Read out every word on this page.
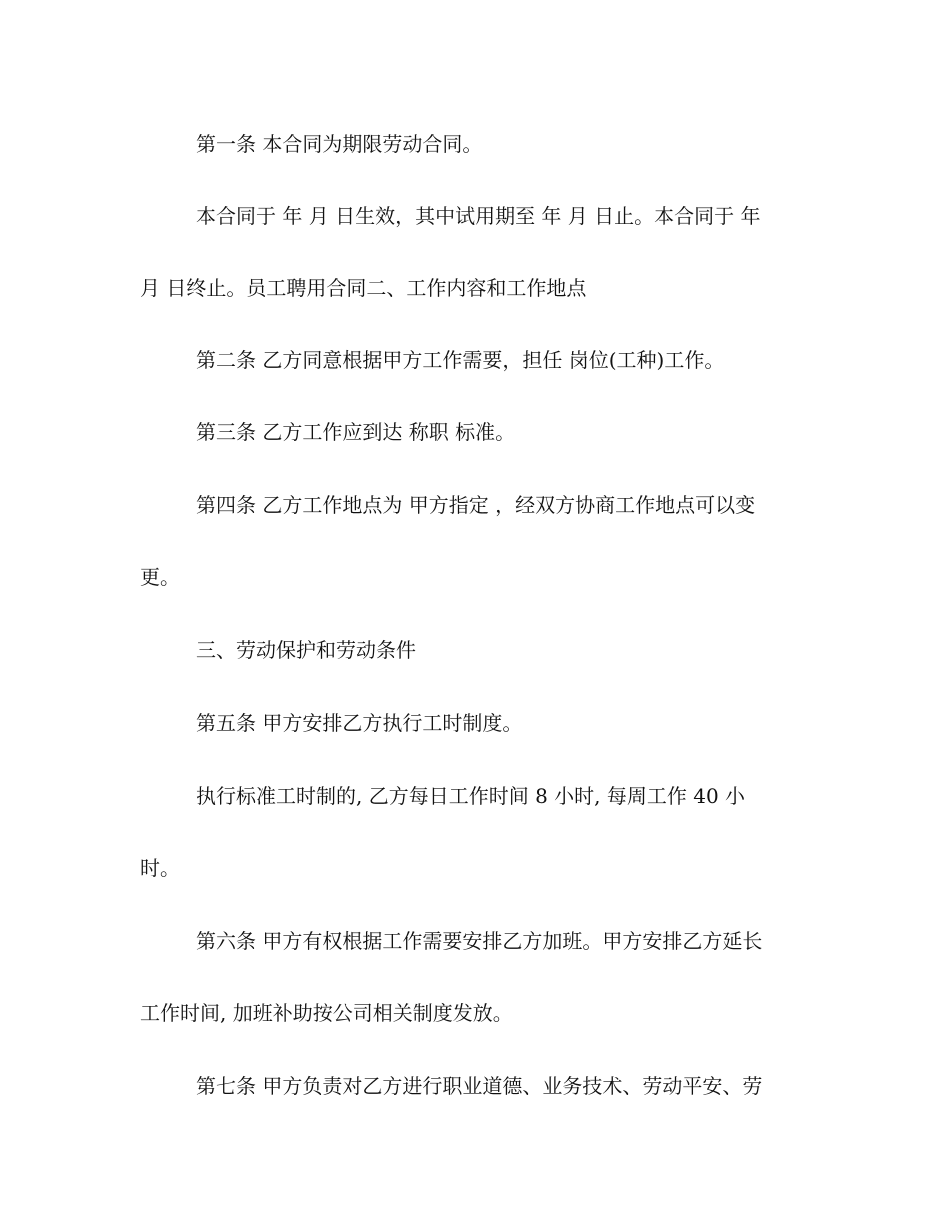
第一条 本合同为期限劳动合同。
本合同于 年 月 日生效，其中试用期至 年 月 日止。本合同于 年
月 日终止。员工聘用合同二、工作内容和工作地点
第二条 乙方同意根据甲方工作需要，担任 岗位(工种)工作。
第三条 乙方工作应到达 称职 标准。
第四条 乙方工作地点为 甲方指定 ，经双方协商工作地点可以变
更。
三、劳动保护和劳动条件
第五条 甲方安排乙方执行工时制度。
执行标准工时制的, 乙方每日工作时间 8 小时, 每周工作 40 小
时。
第六条 甲方有权根据工作需要安排乙方加班。甲方安排乙方延长
工作时间, 加班补助按公司相关制度发放。
第七条 甲方负责对乙方进行职业道德、业务技术、劳动平安、劳
